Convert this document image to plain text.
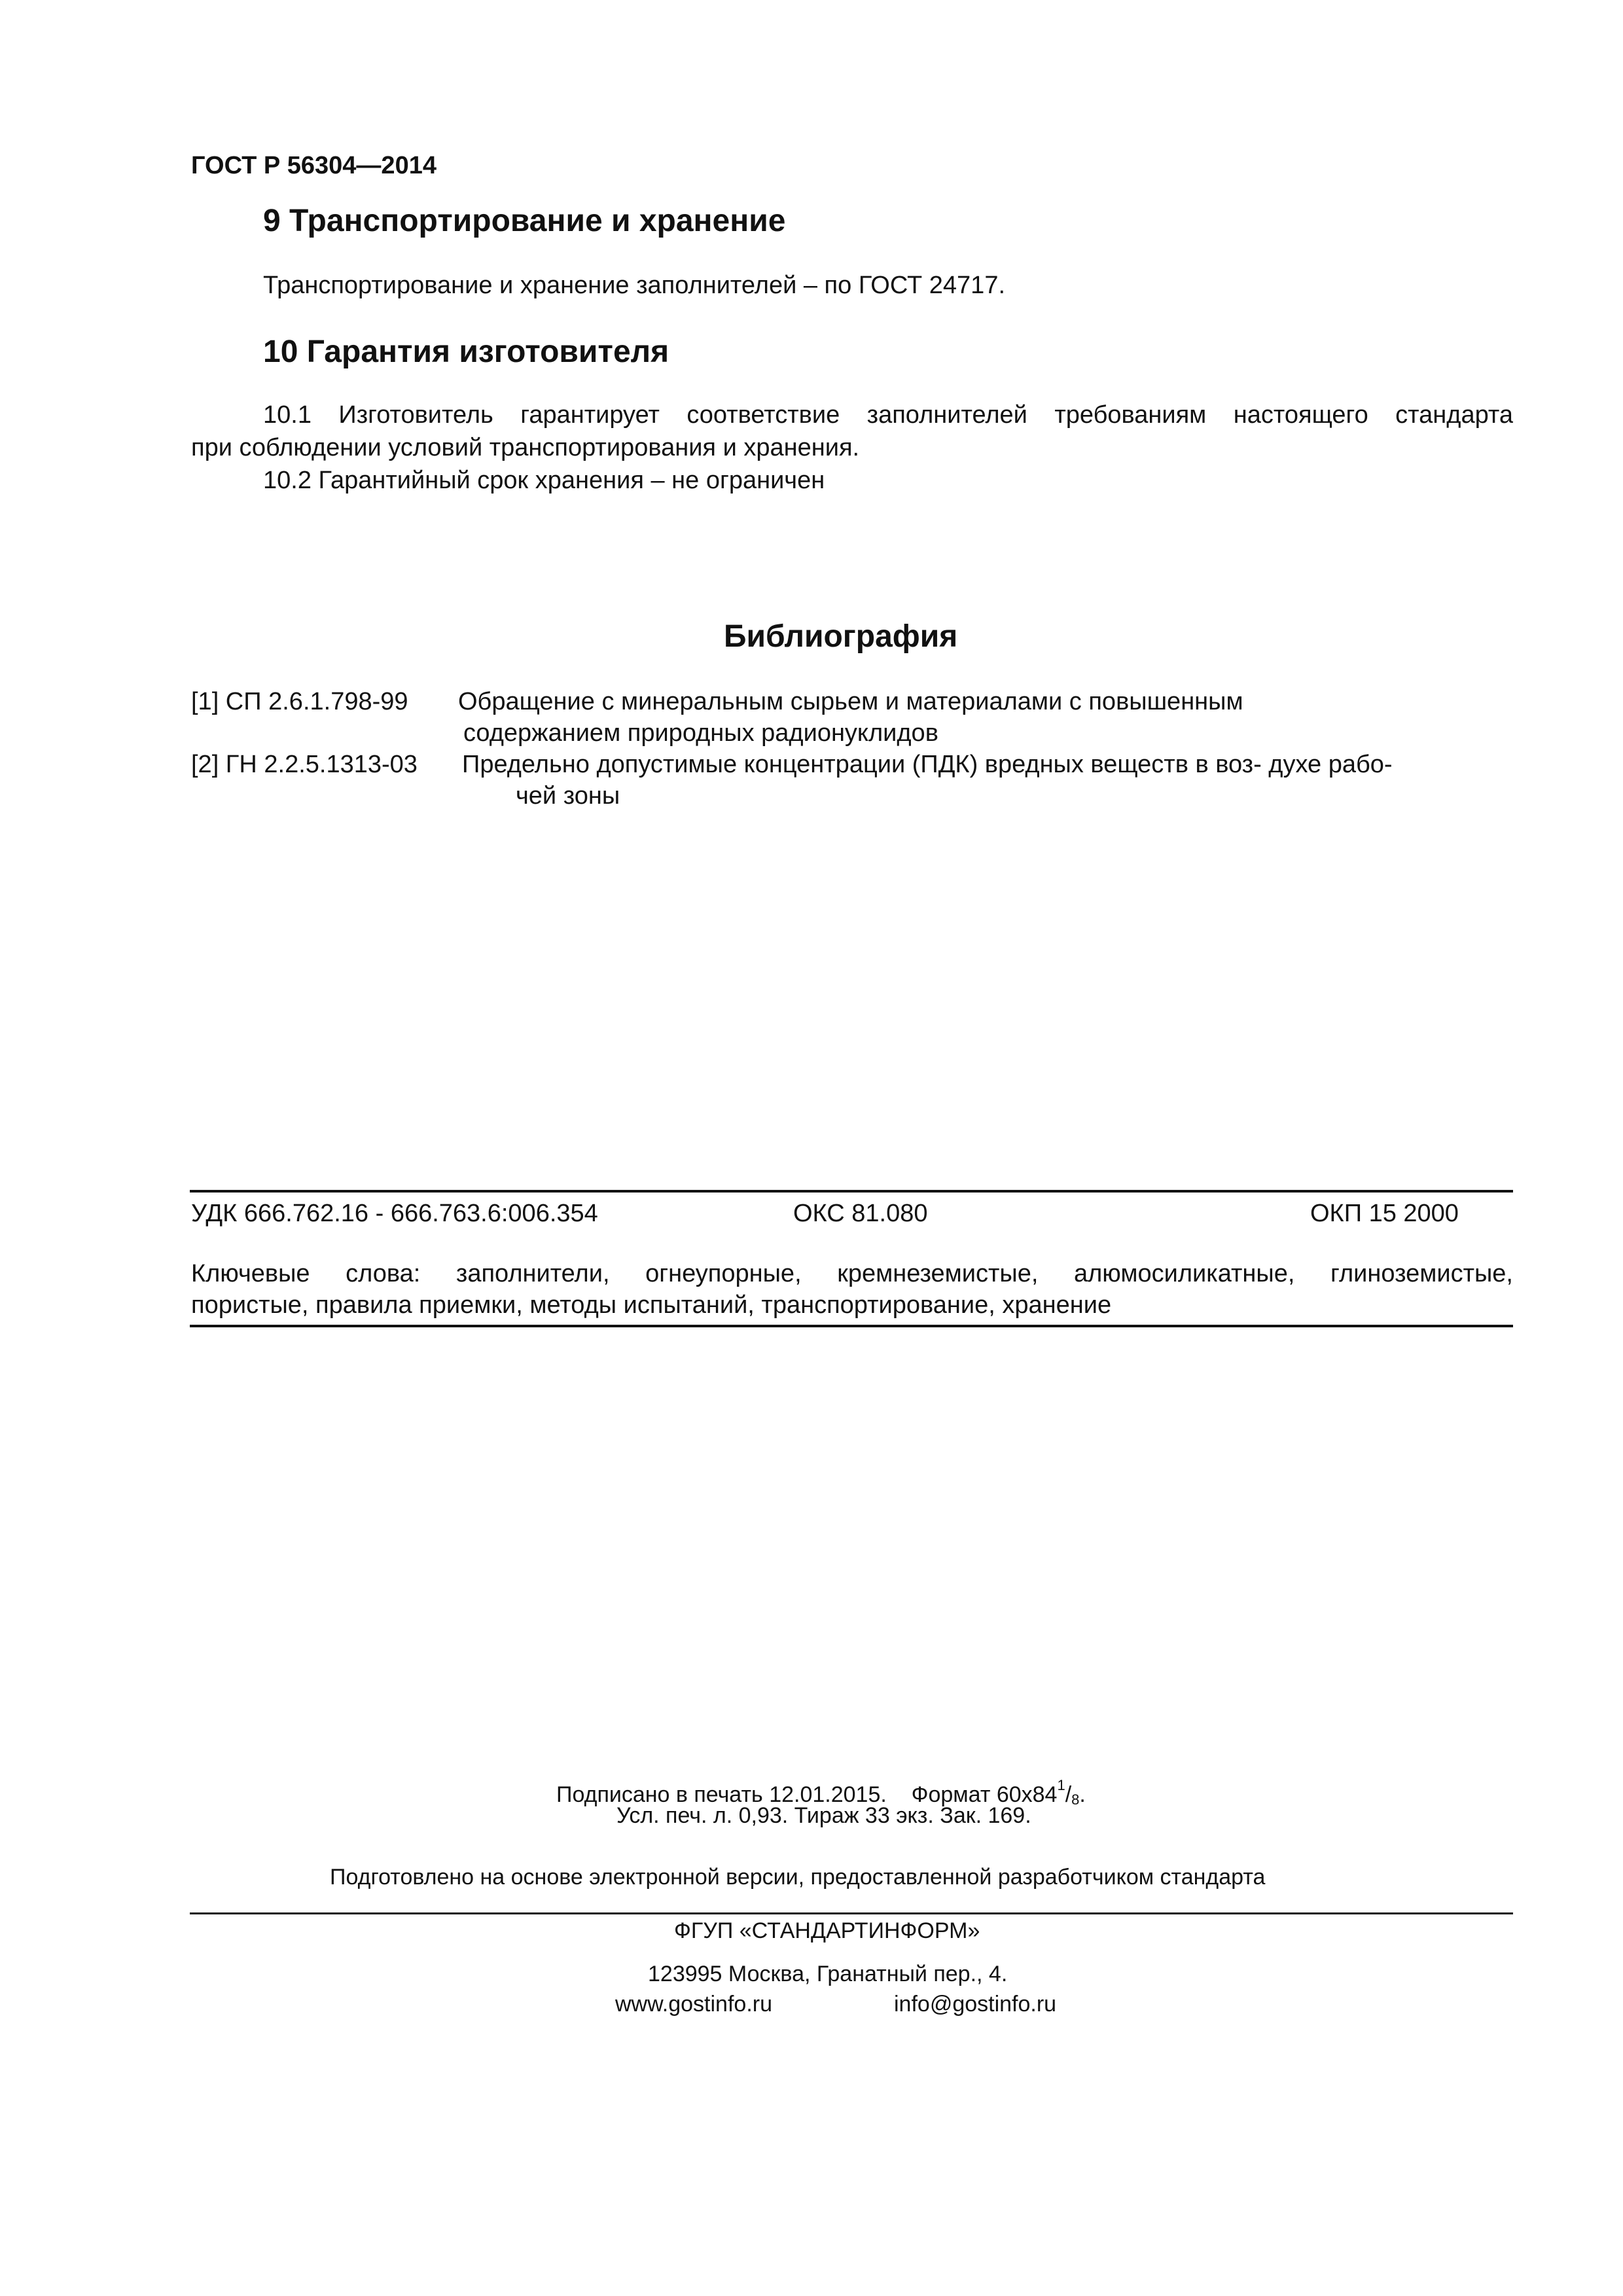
ГОСТ Р 56304—2014
9 Транспортирование и хранение
Транспортирование и хранение заполнителей – по ГОСТ 24717.
10 Гарантия изготовителя
10.1 Изготовитель гарантирует соответствие заполнителей требованиям настоящего стандарта
при соблюдении условий транспортирования и хранения.
10.2 Гарантийный срок хранения – не ограничен
Библиография
[1] СП 2.6.1.798-99 Обращение с минеральным сырьем и материалами с повышенным
содержанием природных радионуклидов
[2] ГН 2.2.5.1313-03 Предельно допустимые концентрации (ПДК) вредных веществ в воз- духе рабо-
чей зоны
УДК 666.762.16 - 666.763.6:006.354	ОКС 81.080	ОКП 15 2000
Ключевые слова: заполнители, огнеупорные, кремнеземистые, алюмосиликатные, глиноземистые,
пористые, правила приемки, методы испытаний, транспортирование, хранение
Подписано в печать 12.01.2015. Формат $60x84^1/_8$.
Усл. печ. л. 0,93. Тираж 33 экз. Зак. 169.
Подготовлено на основе электронной версии, предоставленной разработчиком стандарта
ФГУП «СТАНДАРТИНФОРМ»
123995 Москва, Гранатный пер., 4.
www.gostinfo.ru	info@gostinfo.ru
